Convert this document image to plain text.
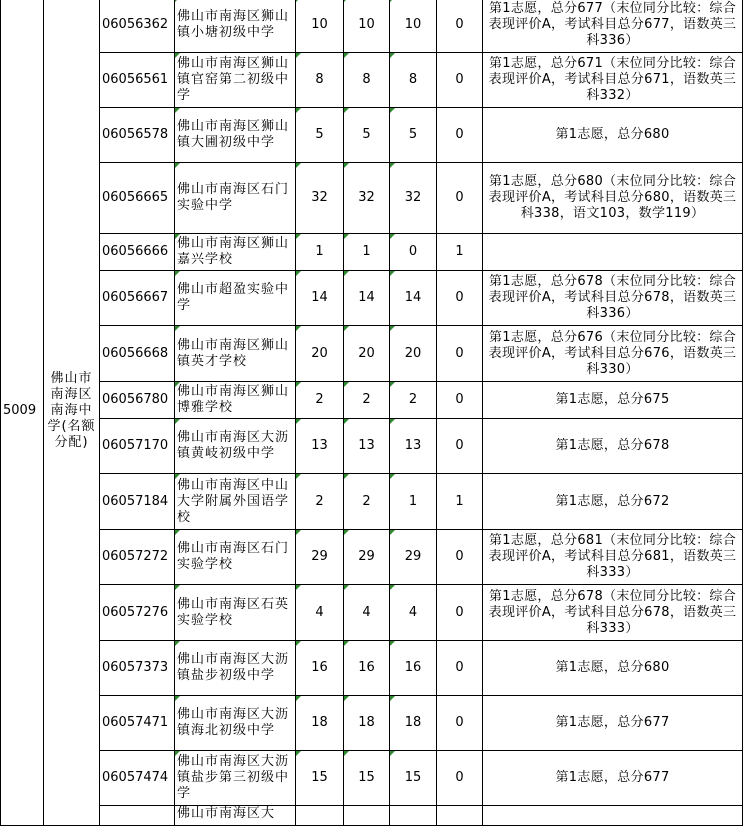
5009	佛山市南海区南海中学(名额分配)	06056362	佛山市南海区狮山镇小塘初级中学	10	10	10	0	第1志愿，总分677（末位同分比较：综合表现评价A，考试科目总分677，语数英三科336）
		06056561	佛山市南海区狮山镇官窑第二初级中学	8	8	8	0	第1志愿，总分671（末位同分比较：综合表现评价A，考试科目总分671，语数英三科332）
		06056578	佛山市南海区狮山镇大圃初级中学	5	5	5	0	第1志愿，总分680
		06056665	佛山市南海区石门实验中学	32	32	32	0	第1志愿，总分680（末位同分比较：综合表现评价A，考试科目总分680，语数英三科338，语文103，数学119）
		06056666	佛山市南海区狮山嘉兴学校	1	1	0	1	
		06056667	佛山市超盈实验中学	14	14	14	0	第1志愿，总分678（末位同分比较：综合表现评价A，考试科目总分678，语数英三科336）
		06056668	佛山市南海区狮山镇英才学校	20	20	20	0	第1志愿，总分676（末位同分比较：综合表现评价A，考试科目总分676，语数英三科330）
		06056780	佛山市南海区狮山博雅学校	2	2	2	0	第1志愿，总分675
		06057170	佛山市南海区大沥镇黄岐初级中学	13	13	13	0	第1志愿，总分678
		06057184	佛山市南海区中山大学附属外国语学校	2	2	1	1	第1志愿，总分672
		06057272	佛山市南海区石门实验学校	29	29	29	0	第1志愿，总分681（末位同分比较：综合表现评价A，考试科目总分681，语数英三科333）
		06057276	佛山市南海区石英实验学校	4	4	4	0	第1志愿，总分678（末位同分比较：综合表现评价A，考试科目总分678，语数英三科333）
		06057373	佛山市南海区大沥镇盐步初级中学	16	16	16	0	第1志愿，总分680
		06057471	佛山市南海区大沥镇海北初级中学	18	18	18	0	第1志愿，总分677
		06057474	佛山市南海区大沥镇盐步第三初级中学	15	15	15	0	第1志愿，总分677
			佛山市南海区大					
